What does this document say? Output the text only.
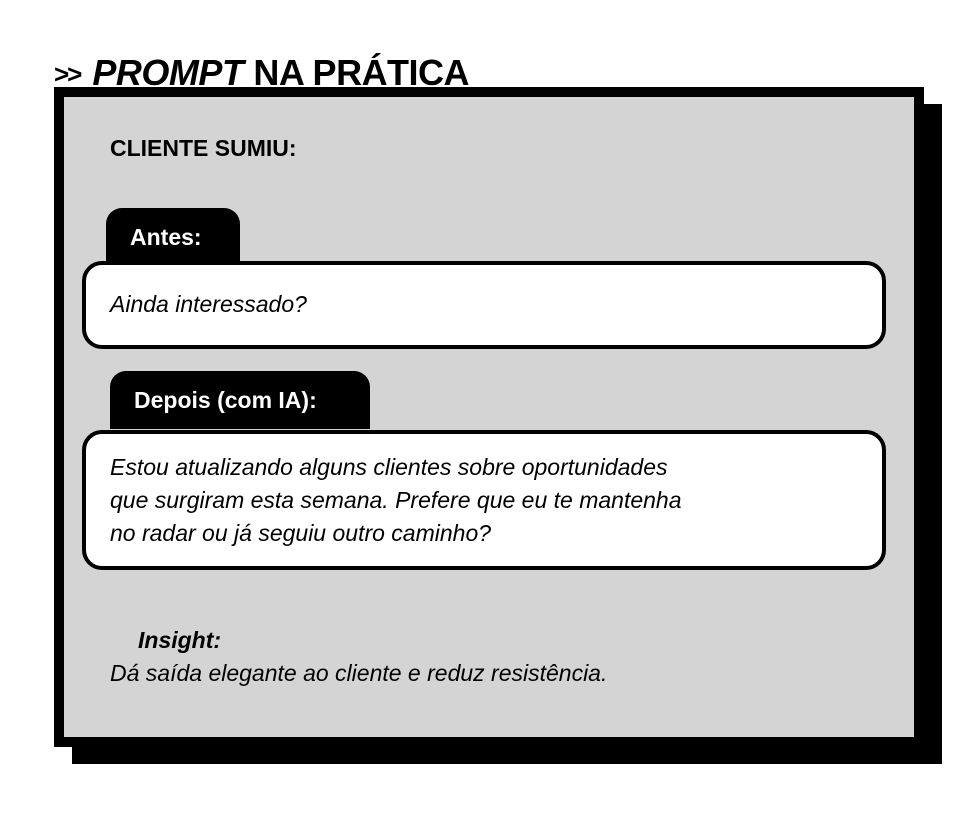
>> PROMPT NA PRÁTICA
CLIENTE SUMIU:
Antes:
Ainda interessado?
Depois (com IA):
Estou atualizando alguns clientes sobre oportunidades
que surgiram esta semana. Prefere que eu te mantenha
no radar ou já seguiu outro caminho?
Insight:
Dá saída elegante ao cliente e reduz resistência.
